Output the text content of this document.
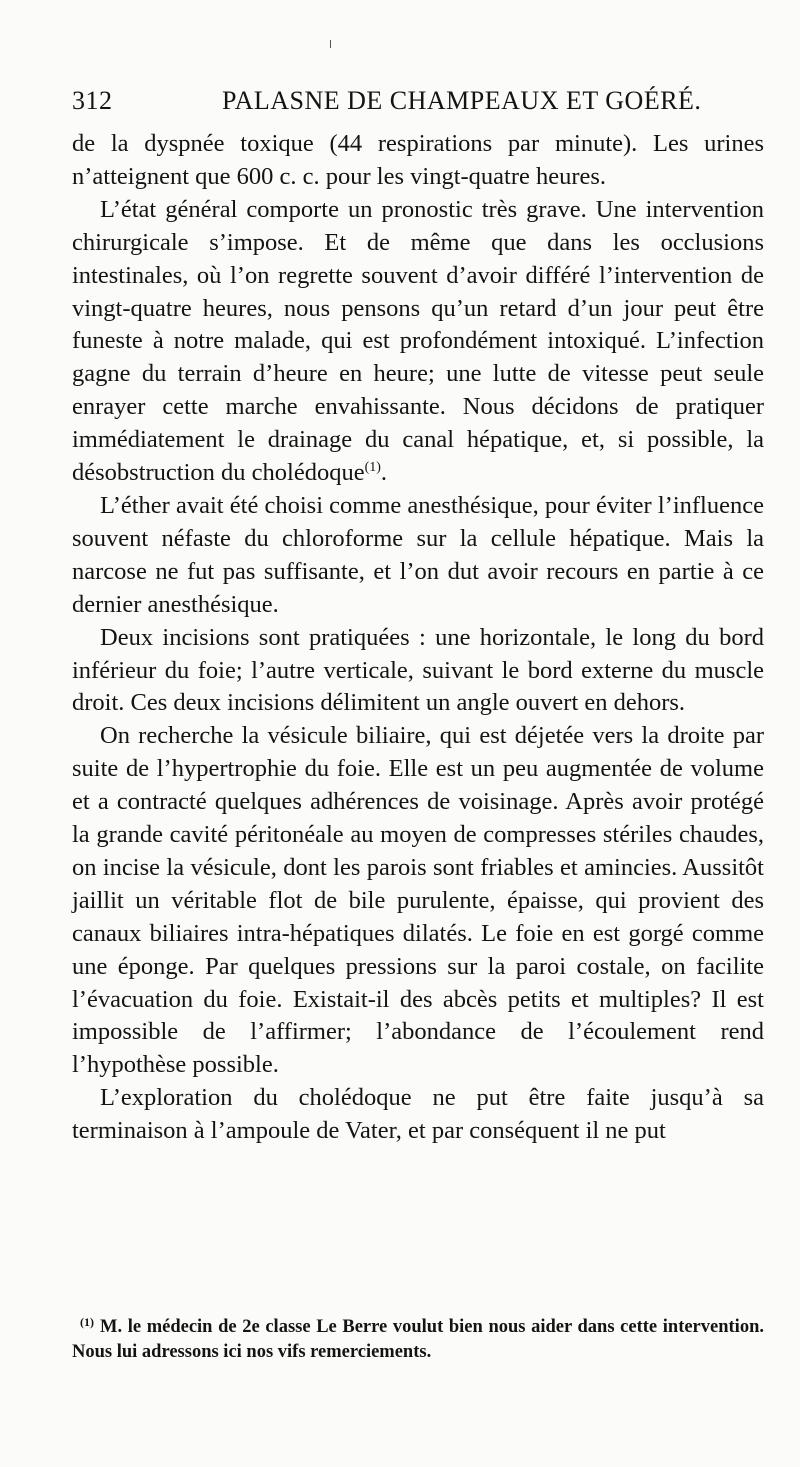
312	PALASNE DE CHAMPEAUX ET GOÉRÉ.

de la dyspnée toxique (44 respirations par minute). Les urines n’atteignent que 600 c. c. pour les vingt-quatre heures.

L’état général comporte un pronostic très grave. Une intervention chirurgicale s’impose. Et de même que dans les occlusions intestinales, où l’on regrette souvent d’avoir différé l’intervention de vingt-quatre heures, nous pensons qu’un retard d’un jour peut être funeste à notre malade, qui est profondément intoxiqué. L’infection gagne du terrain d’heure en heure; une lutte de vitesse peut seule enrayer cette marche envahissante. Nous décidons de pratiquer immédiatement le drainage du canal hépatique, et, si possible, la désobstruction du cholédoque$^{(1)}$.

L’éther avait été choisi comme anesthésique, pour éviter l’influence souvent néfaste du chloroforme sur la cellule hépatique. Mais la narcose ne fut pas suffisante, et l’on dut avoir recours en partie à ce dernier anesthésique.

Deux incisions sont pratiquées : une horizontale, le long du bord inférieur du foie; l’autre verticale, suivant le bord externe du muscle droit. Ces deux incisions délimitent un angle ouvert en dehors.

On recherche la vésicule biliaire, qui est déjetée vers la droite par suite de l’hypertrophie du foie. Elle est un peu augmentée de volume et a contracté quelques adhérences de voisinage. Après avoir protégé la grande cavité péritonéale au moyen de compresses stériles chaudes, on incise la vésicule, dont les parois sont friables et amincies. Aussitôt jaillit un véritable flot de bile purulente, épaisse, qui provient des canaux biliaires intra-hépatiques dilatés. Le foie en est gorgé comme une éponge. Par quelques pressions sur la paroi costale, on facilite l’évacuation du foie. Existait-il des abcès petits et multiples? Il est impossible de l’affirmer; l’abondance de l’écoulement rend l’hypothèse possible.

L’exploration du cholédoque ne put être faite jusqu’à sa terminaison à l’ampoule de Vater, et par conséquent il ne put

$^{(1)}$ M. le médecin de 2e classe Le Berre voulut bien nous aider dans cette intervention. Nous lui adressons ici nos vifs remerciements.
